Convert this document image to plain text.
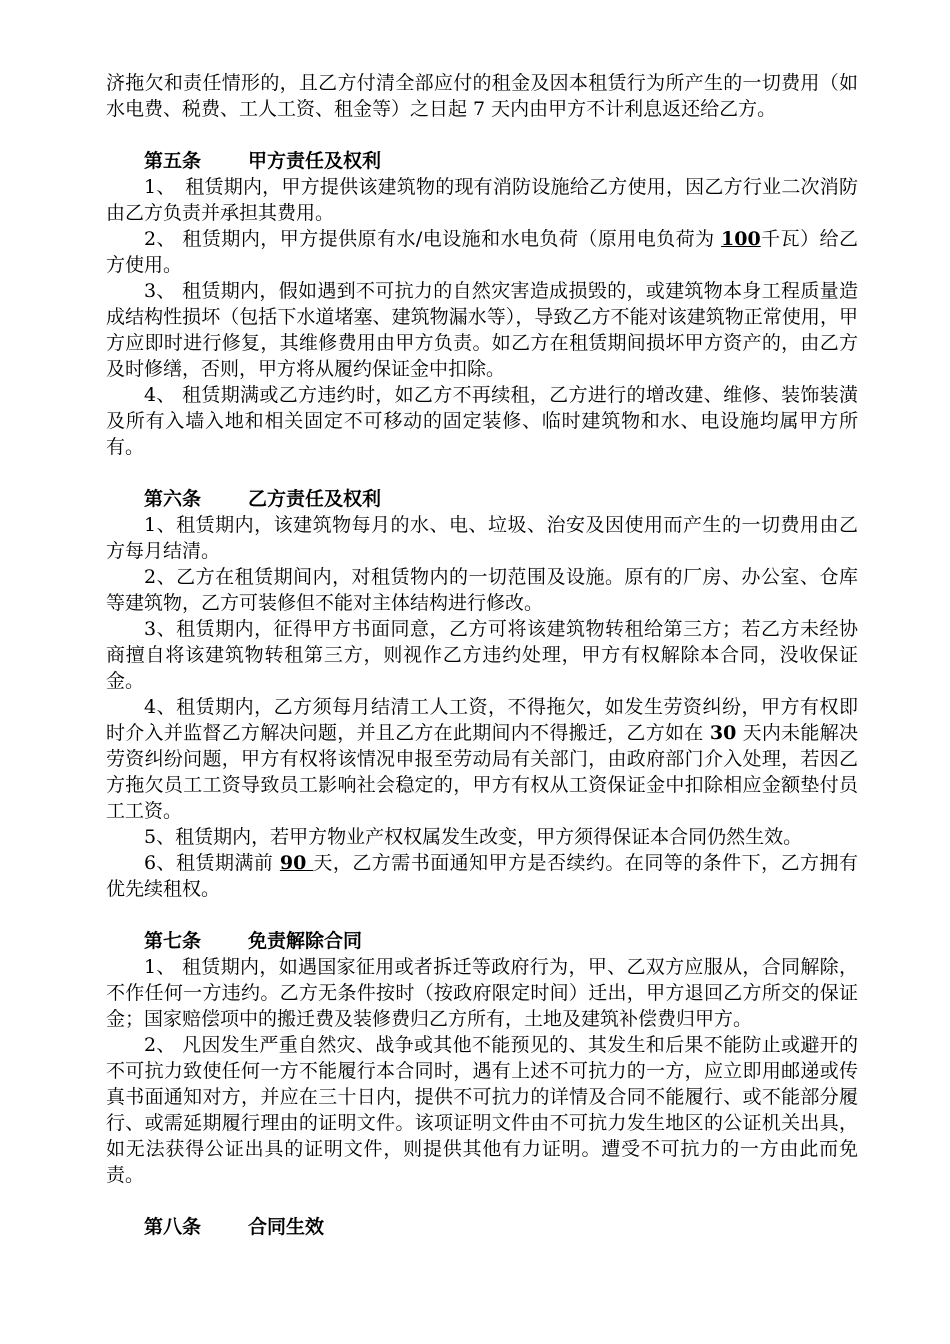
济拖欠和责任情形的，且乙方付清全部应付的租金及因本租赁行为所产生的一切费用（如水电费、税费、工人工资、租金等）之日起 7 天内由甲方不计利息返还给乙方。

第五条 甲方责任及权利

1、　租赁期内，甲方提供该建筑物的现有消防设施给乙方使用，因乙方行业二次消防由乙方负责并承担其费用。

2、 租赁期内，甲方提供原有水/电设施和水电负荷（原用电负荷为 100千瓦）给乙方使用。

3、 租赁期内，假如遇到不可抗力的自然灾害造成损毁的，或建筑物本身工程质量造成结构性损坏（包括下水道堵塞、建筑物漏水等），导致乙方不能对该建筑物正常使用，甲方应即时进行修复，其维修费用由甲方负责。如乙方在租赁期间损坏甲方资产的，由乙方及时修缮，否则，甲方将从履约保证金中扣除。

4、 租赁期满或乙方违约时，如乙方不再续租，乙方进行的增改建、维修、装饰装潢及所有入墙入地和相关固定不可移动的固定装修、临时建筑物和水、电设施均属甲方所有。

第六条 乙方责任及权利

1、租赁期内，该建筑物每月的水、电、垃圾、治安及因使用而产生的一切费用由乙方每月结清。

2、乙方在租赁期间内，对租赁物内的一切范围及设施。原有的厂房、办公室、仓库等建筑物，乙方可装修但不能对主体结构进行修改。

3、租赁期内，征得甲方书面同意，乙方可将该建筑物转租给第三方；若乙方未经协商擅自将该建筑物转租第三方，则视作乙方违约处理，甲方有权解除本合同，没收保证金。

4、租赁期内，乙方须每月结清工人工资，不得拖欠，如发生劳资纠纷，甲方有权即时介入并监督乙方解决问题，并且乙方在此期间内不得搬迁，乙方如在 30 天内未能解决劳资纠纷问题，甲方有权将该情况申报至劳动局有关部门，由政府部门介入处理，若因乙方拖欠员工工资导致员工影响社会稳定的，甲方有权从工资保证金中扣除相应金额垫付员工工资。

5、租赁期内，若甲方物业产权权属发生改变，甲方须得保证本合同仍然生效。

6、租赁期满前 90 天，乙方需书面通知甲方是否续约。在同等的条件下，乙方拥有优先续租权。

第七条 免责解除合同

1、 租赁期内，如遇国家征用或者拆迁等政府行为，甲、乙双方应服从，合同解除，不作任何一方违约。乙方无条件按时（按政府限定时间）迁出，甲方退回乙方所交的保证金；国家赔偿项中的搬迁费及装修费归乙方所有，土地及建筑补偿费归甲方。

2、 凡因发生严重自然灾、战争或其他不能预见的、其发生和后果不能防止或避开的不可抗力致使任何一方不能履行本合同时，遇有上述不可抗力的一方，应立即用邮递或传真书面通知对方，并应在三十日内，提供不可抗力的详情及合同不能履行、或不能部分履行、或需延期履行理由的证明文件。该项证明文件由不可抗力发生地区的公证机关出具，如无法获得公证出具的证明文件，则提供其他有力证明。遭受不可抗力的一方由此而免责。

第八条 合同生效
